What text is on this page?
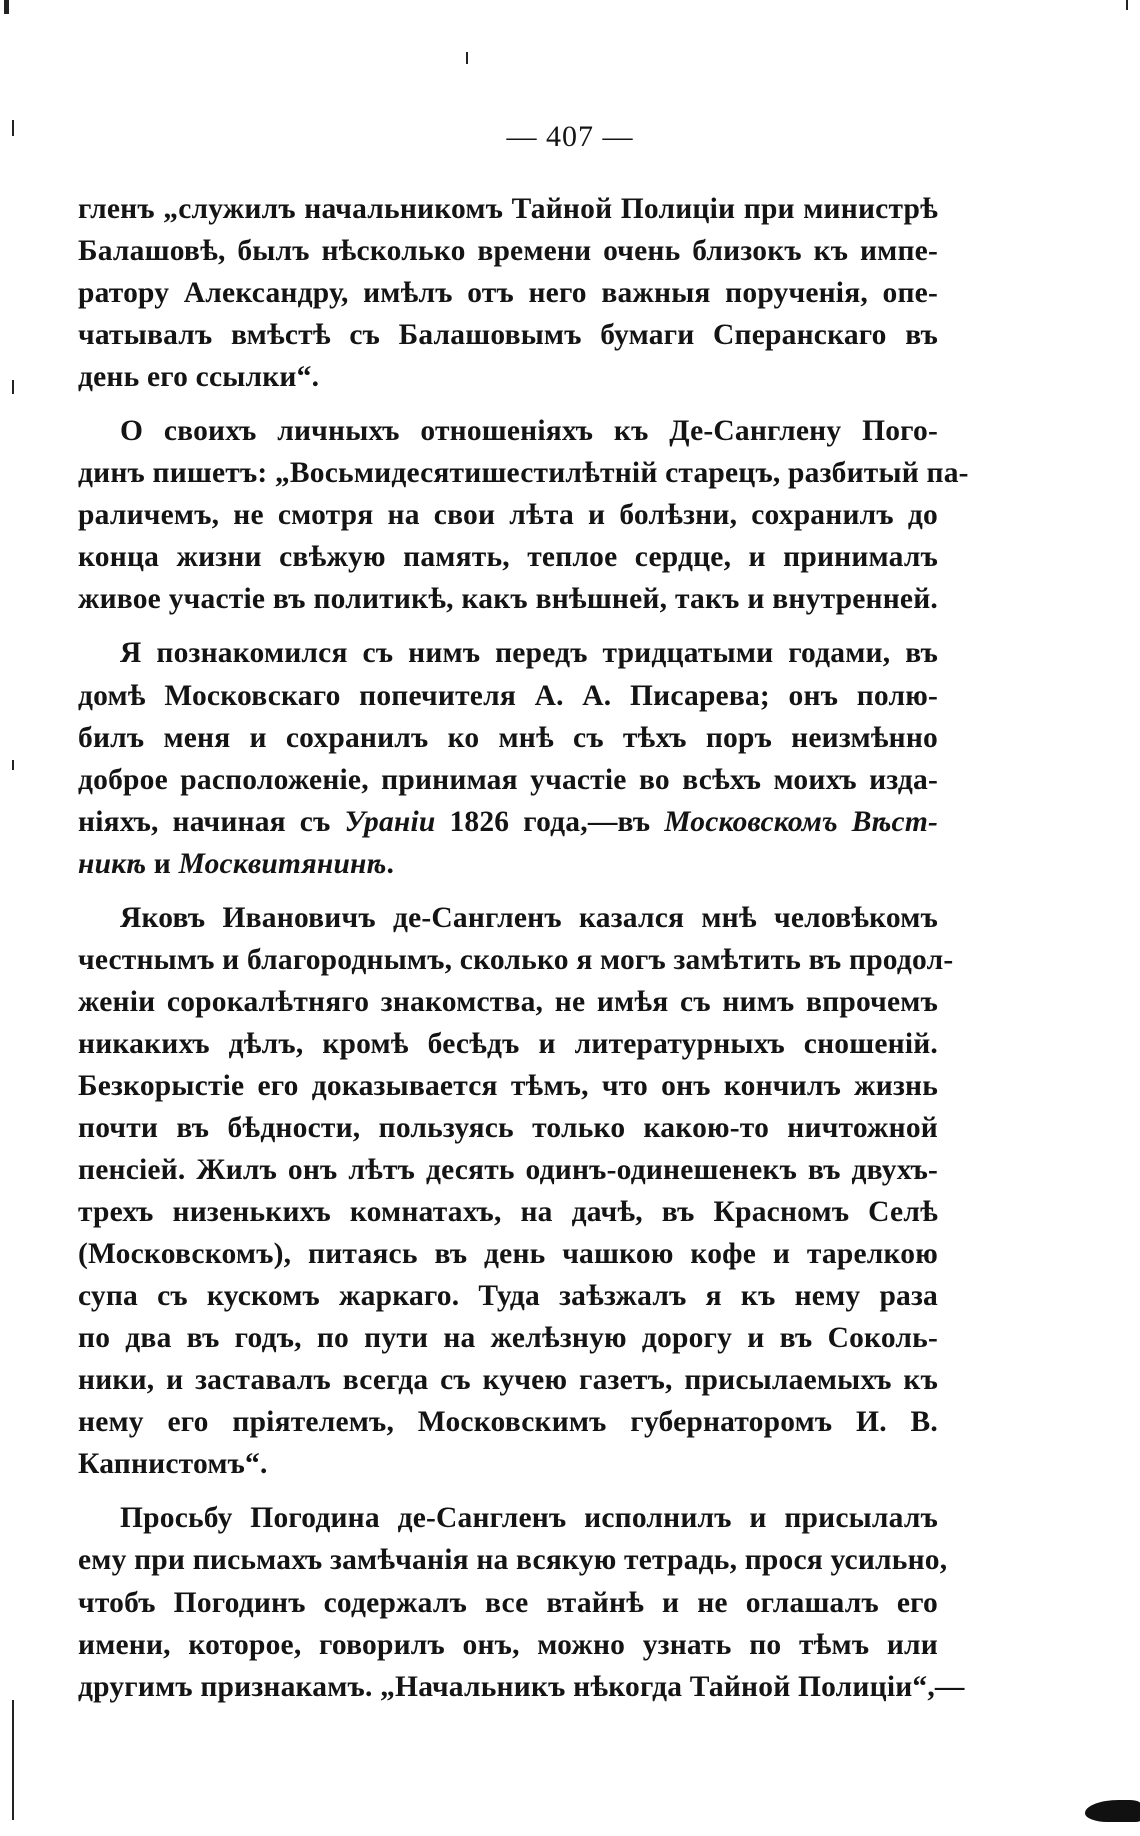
— 407 —
гленъ „служилъ начальникомъ Тайной Полиціи при министрѣ
Балашовѣ, былъ нѣсколько времени очень близокъ къ импе-
ратору Александру, имѣлъ отъ него важныя порученія, опе-
чатывалъ вмѣстѣ съ Балашовымъ бумаги Сперанскаго въ
день его ссылки“.
О своихъ личныхъ отношеніяхъ къ Де-Сангленy Пого-
динъ пишетъ: „Восьмидесятишестилѣтній старецъ, разбитый па-
раличемъ, не смотря на свои лѣта и болѣзни, сохранилъ до
конца жизни свѣжую память, теплое сердце, и принималъ
живое участіе въ политикѣ, какъ внѣшней, такъ и внутренней.
Я познакомился съ нимъ передъ тридцатыми годами, въ
домѣ Московскаго попечителя А. А. Писарева; онъ полю-
билъ меня и сохранилъ ко мнѣ съ тѣхъ поръ неизмѣнно
доброе расположеніе, принимая участіе во всѣхъ моихъ изда-
ніяхъ, начиная съ Ураніи 1826 года,—въ Московскомъ Вѣст-
никѣ и Москвитянинѣ.
Яковъ Ивановичъ де-Сангленъ казался мнѣ человѣкомъ
честнымъ и благороднымъ, сколько я могъ замѣтить въ продол-
женіи сорокалѣтняго знакомства, не имѣя съ нимъ впрочемъ
никакихъ дѣлъ, кромѣ бесѣдъ и литературныхъ сношеній.
Безкорыстіе его доказывается тѣмъ, что онъ кончилъ жизнь
почти въ бѣдности, пользуясь только какою-то ничтожной
пенсіей. Жилъ онъ лѣтъ десять одинъ-одинешенекъ въ двухъ-
трехъ низенькихъ комнатахъ, на дачѣ, въ Красномъ Селѣ
(Московскомъ), питаясь въ день чашкою кофе и тарелкою
супа съ кускомъ жаркаго. Туда заѣзжалъ я къ нему раза
по два въ годъ, по пути на желѣзную дорогу и въ Соколь-
ники, и заставалъ всегда съ кучею газетъ, присылаемыхъ къ
нему его пріятелемъ, Московскимъ губернаторомъ И. В.
Капнистомъ“.
Просьбу Погодина де-Сангленъ исполнилъ и присылалъ
ему при письмахъ замѣчанія на всякую тетрадь, прося усильно,
чтобъ Погодинъ содержалъ все втайнѣ и не оглашалъ его
имени, которое, говорилъ онъ, можно узнать по тѣмъ или
другимъ признакамъ. „Начальникъ нѣкогда Тайной Полиціи“,—
